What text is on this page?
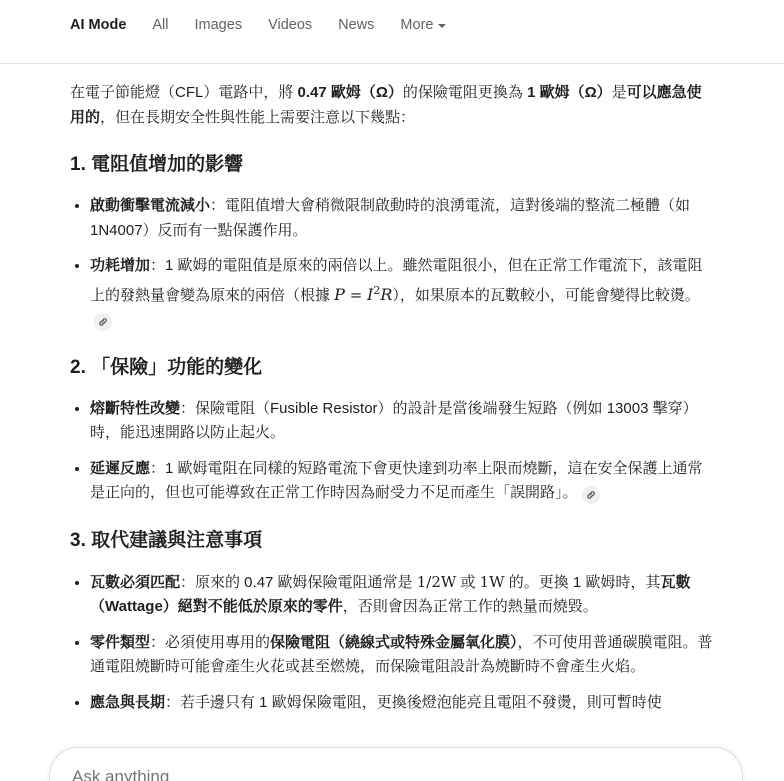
AI Mode All Images Videos News More

在電子節能燈（CFL）電路中，將 0.47 歐姆（Ω）的保險電阻更換為 1 歐姆（Ω）是可以應急使用的，但在長期安全性與性能上需要注意以下幾點：

1. 電阻值增加的影響
• 啟動衝擊電流減小：電阻值增大會稍微限制啟動時的浪湧電流，這對後端的整流二極體（如 1N4007）反而有一點保護作用。
• 功耗增加：1 歐姆的電阻值是原來的兩倍以上。雖然電阻很小，但在正常工作電流下，該電阻上的發熱量會變為原來的兩倍（根據 $P = I^2R$），如果原本的瓦數較小，可能會變得比較燙。
2. 「保險」功能的變化
• 熔斷特性改變：保險電阻（Fusible Resistor）的設計是當後端發生短路（例如 13003 擊穿）時，能迅速開路以防止起火。
• 延遲反應：1 歐姆電阻在同樣的短路電流下會更快達到功率上限而燒斷，這在安全保護上通常是正向的，但也可能導致在正常工作時因為耐受力不足而產生「誤開路」。
3. 取代建議與注意事項
• 瓦數必須匹配：原來的 0.47 歐姆保險電阻通常是 1/2W 或 1W 的。更換 1 歐姆時，其瓦數（Wattage）絕對不能低於原來的零件，否則會因為正常工作的熱量而燒毀。
• 零件類型：必須使用專用的保險電阻（繞線式或特殊金屬氧化膜），不可使用普通碳膜電阻。普通電阻燒斷時可能會產生火花或甚至燃燒，而保險電阻設計為燒斷時不會產生火焰。
• 應急與長期：若手邊只有 1 歐姆保險電阻，更換後燈泡能亮且電阻不發燙，則可暫時使
Ask anything
